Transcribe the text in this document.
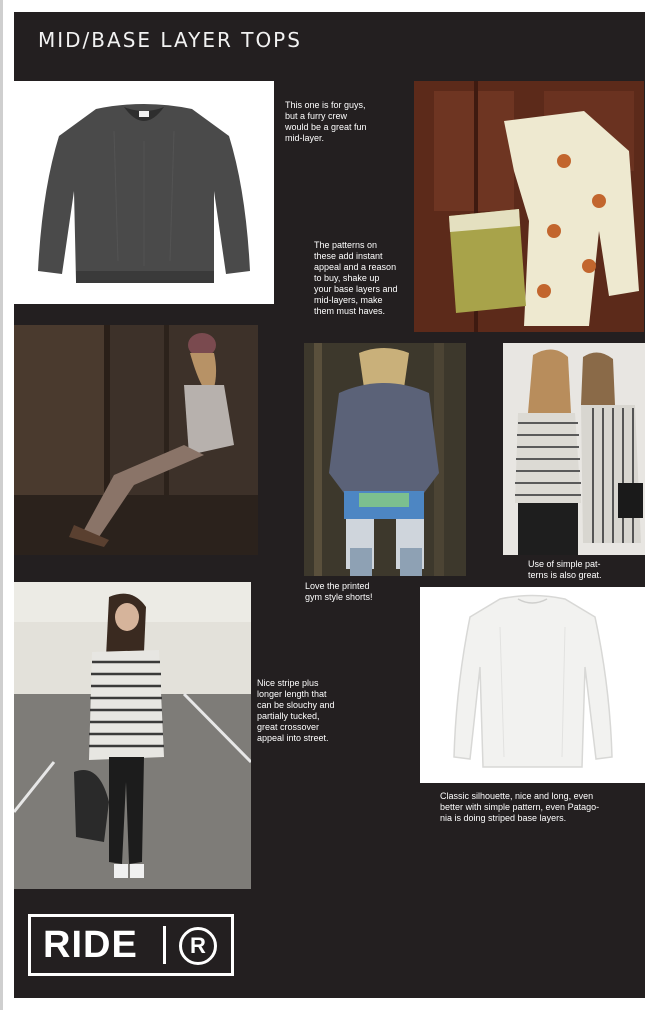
MID/BASE LAYER TOPS
This one is for guys,
but a furry crew
would be a great fun
mid-layer.
The patterns on
these add instant
appeal and a reason
to buy, shake up
your base layers and
mid-layers, make
them must haves.
Love the printed
gym style shorts!
Use of simple pat-
terns is also great.
Nice stripe plus
longer length that
can be slouchy and
partially tucked,
great crossover
appeal into street.
Classic silhouette, nice and long, even
better with simple pattern, even Patago-
nia is doing striped base layers.
RIDE	R
